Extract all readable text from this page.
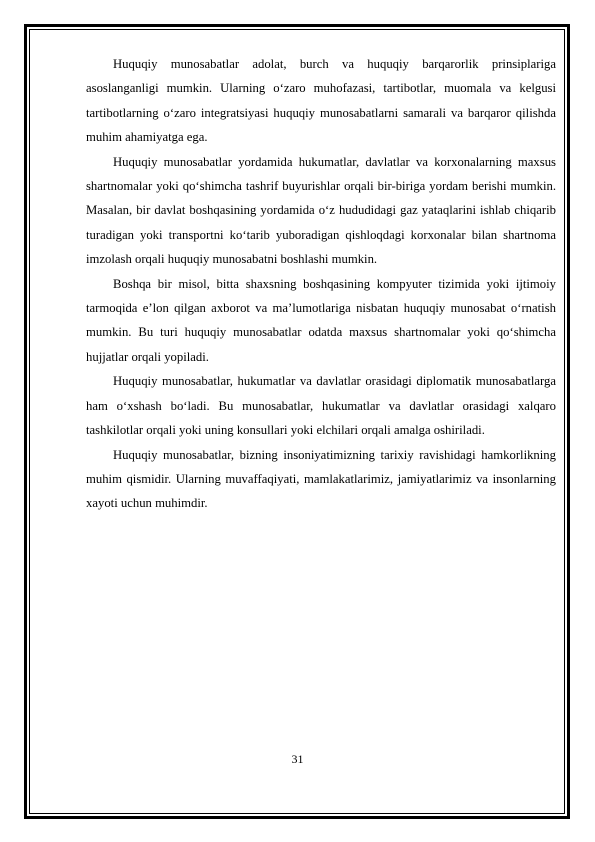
Huquqiy munosabatlar adolat, burch va huquqiy barqarorlik prinsiplariga asoslanganligi mumkin. Ularning o‘zaro muhofazasi, tartibotlar, muomala va kelgusi tartibotlarning o‘zaro integratsiyasi huquqiy munosabatlarni samarali va barqaror qilishda muhim ahamiyatga ega.

Huquqiy munosabatlar yordamida hukumatlar, davlatlar va korxonalarning maxsus shartnomalar yoki qo‘shimcha tashrif buyurishlar orqali bir-biriga yordam berishi mumkin. Masalan, bir davlat boshqasining yordamida o‘z hududidagi gaz yataqlarini ishlab chiqarib turadigan yoki transportni ko‘tarib yuboradigan qishloqdagi korxonalar bilan shartnoma imzolash orqali huquqiy munosabatni boshlashi mumkin.

Boshqa bir misol, bitta shaxsning boshqasining kompyuter tizimida yoki ijtimoiy tarmoqida e’lon qilgan axborot va ma’lumotlariga nisbatan huquqiy munosabat o‘rnatish mumkin. Bu turi huquqiy munosabatlar odatda maxsus shartnomalar yoki qo‘shimcha hujjatlar orqali yopiladi.

Huquqiy munosabatlar, hukumatlar va davlatlar orasidagi diplomatik munosabatlarga ham o‘xshash bo‘ladi. Bu munosabatlar, hukumatlar va davlatlar orasidagi xalqaro tashkilotlar orqali yoki uning konsullari yoki elchilari orqali amalga oshiriladi.

Huquqiy munosabatlar, bizning insoniyatimizning tarixiy ravishidagi hamkorlikning muhim qismidir. Ularning muvaffaqiyati, mamlakatlarimiz, jamiyatlarimiz va insonlarning xayoti uchun muhimdir.

31
